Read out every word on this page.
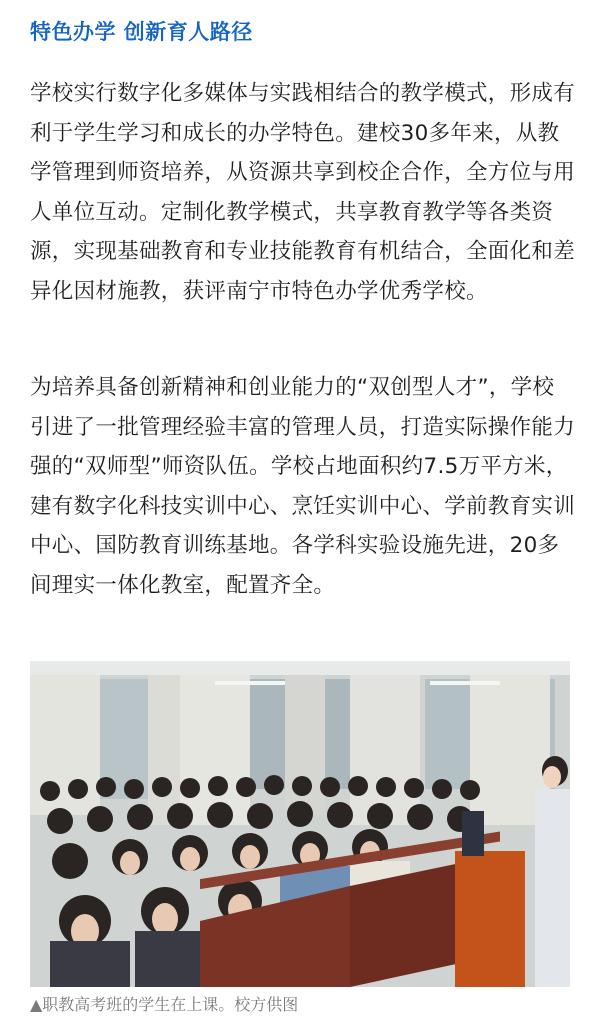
特色办学 创新育人路径

学校实行数字化多媒体与实践相结合的教学模式，形成有利于学生学习和成长的办学特色。建校30多年来，从教学管理到师资培养，从资源共享到校企合作，全方位与用人单位互动。定制化教学模式，共享教育教学等各类资源，实现基础教育和专业技能教育有机结合，全面化和差异化因材施教，获评南宁市特色办学优秀学校。

为培养具备创新精神和创业能力的“双创型人才”，学校引进了一批管理经验丰富的管理人员，打造实际操作能力强的“双师型”师资队伍。学校占地面积约7.5万平方米，建有数字化科技实训中心、烹饪实训中心、学前教育实训中心、国防教育训练基地。各学科实验设施先进，20多间理实一体化教室，配置齐全。

▲职教高考班的学生在上课。校方供图
